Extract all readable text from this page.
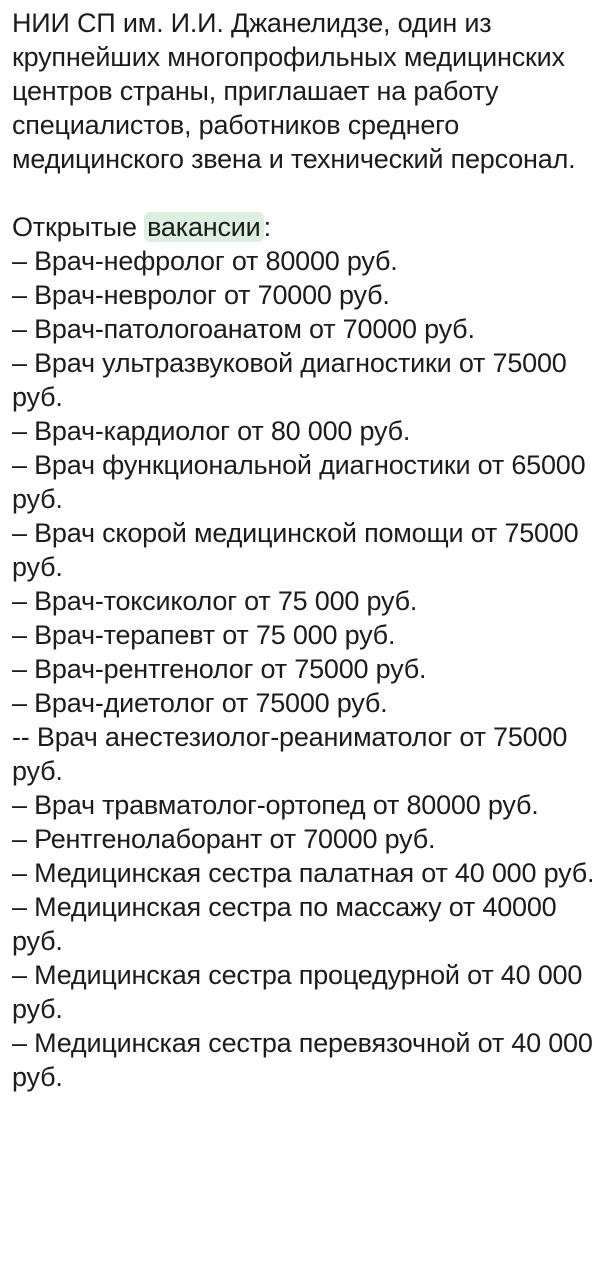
НИИ СП им. И.И. Джанелидзе, один из крупнейших многопрофильных медицинских центров страны, приглашает на работу специалистов, работников среднего медицинского звена и технический персонал.

Открытые вакансии :

– Врач-нефролог от 80000 руб.
– Врач-невролог от 70000 руб.
– Врач-патологоанатом от 70000 руб.
– Врач ультразвуковой диагностики от 75000 руб.
– Врач-кардиолог от 80 000 руб.
– Врач функциональной диагностики от 65000 руб.
– Врач скорой медицинской помощи от 75000 руб.
– Врач-токсиколог от 75 000 руб.
– Врач-терапевт от 75 000 руб.
– Врач-рентгенолог от 75000 руб.
– Врач-диетолог от 75000 руб.
-- Врач анестезиолог-реаниматолог от 75000 руб.
– Врач травматолог-ортопед от 80000 руб.
– Рентгенолаборант от 70000 руб.
– Медицинская сестра палатная от 40 000 руб.
– Медицинская сестра по массажу от 40000 руб.
– Медицинская сестра процедурной от 40 000 руб.
– Медицинская сестра перевязочной от 40 000 руб.
